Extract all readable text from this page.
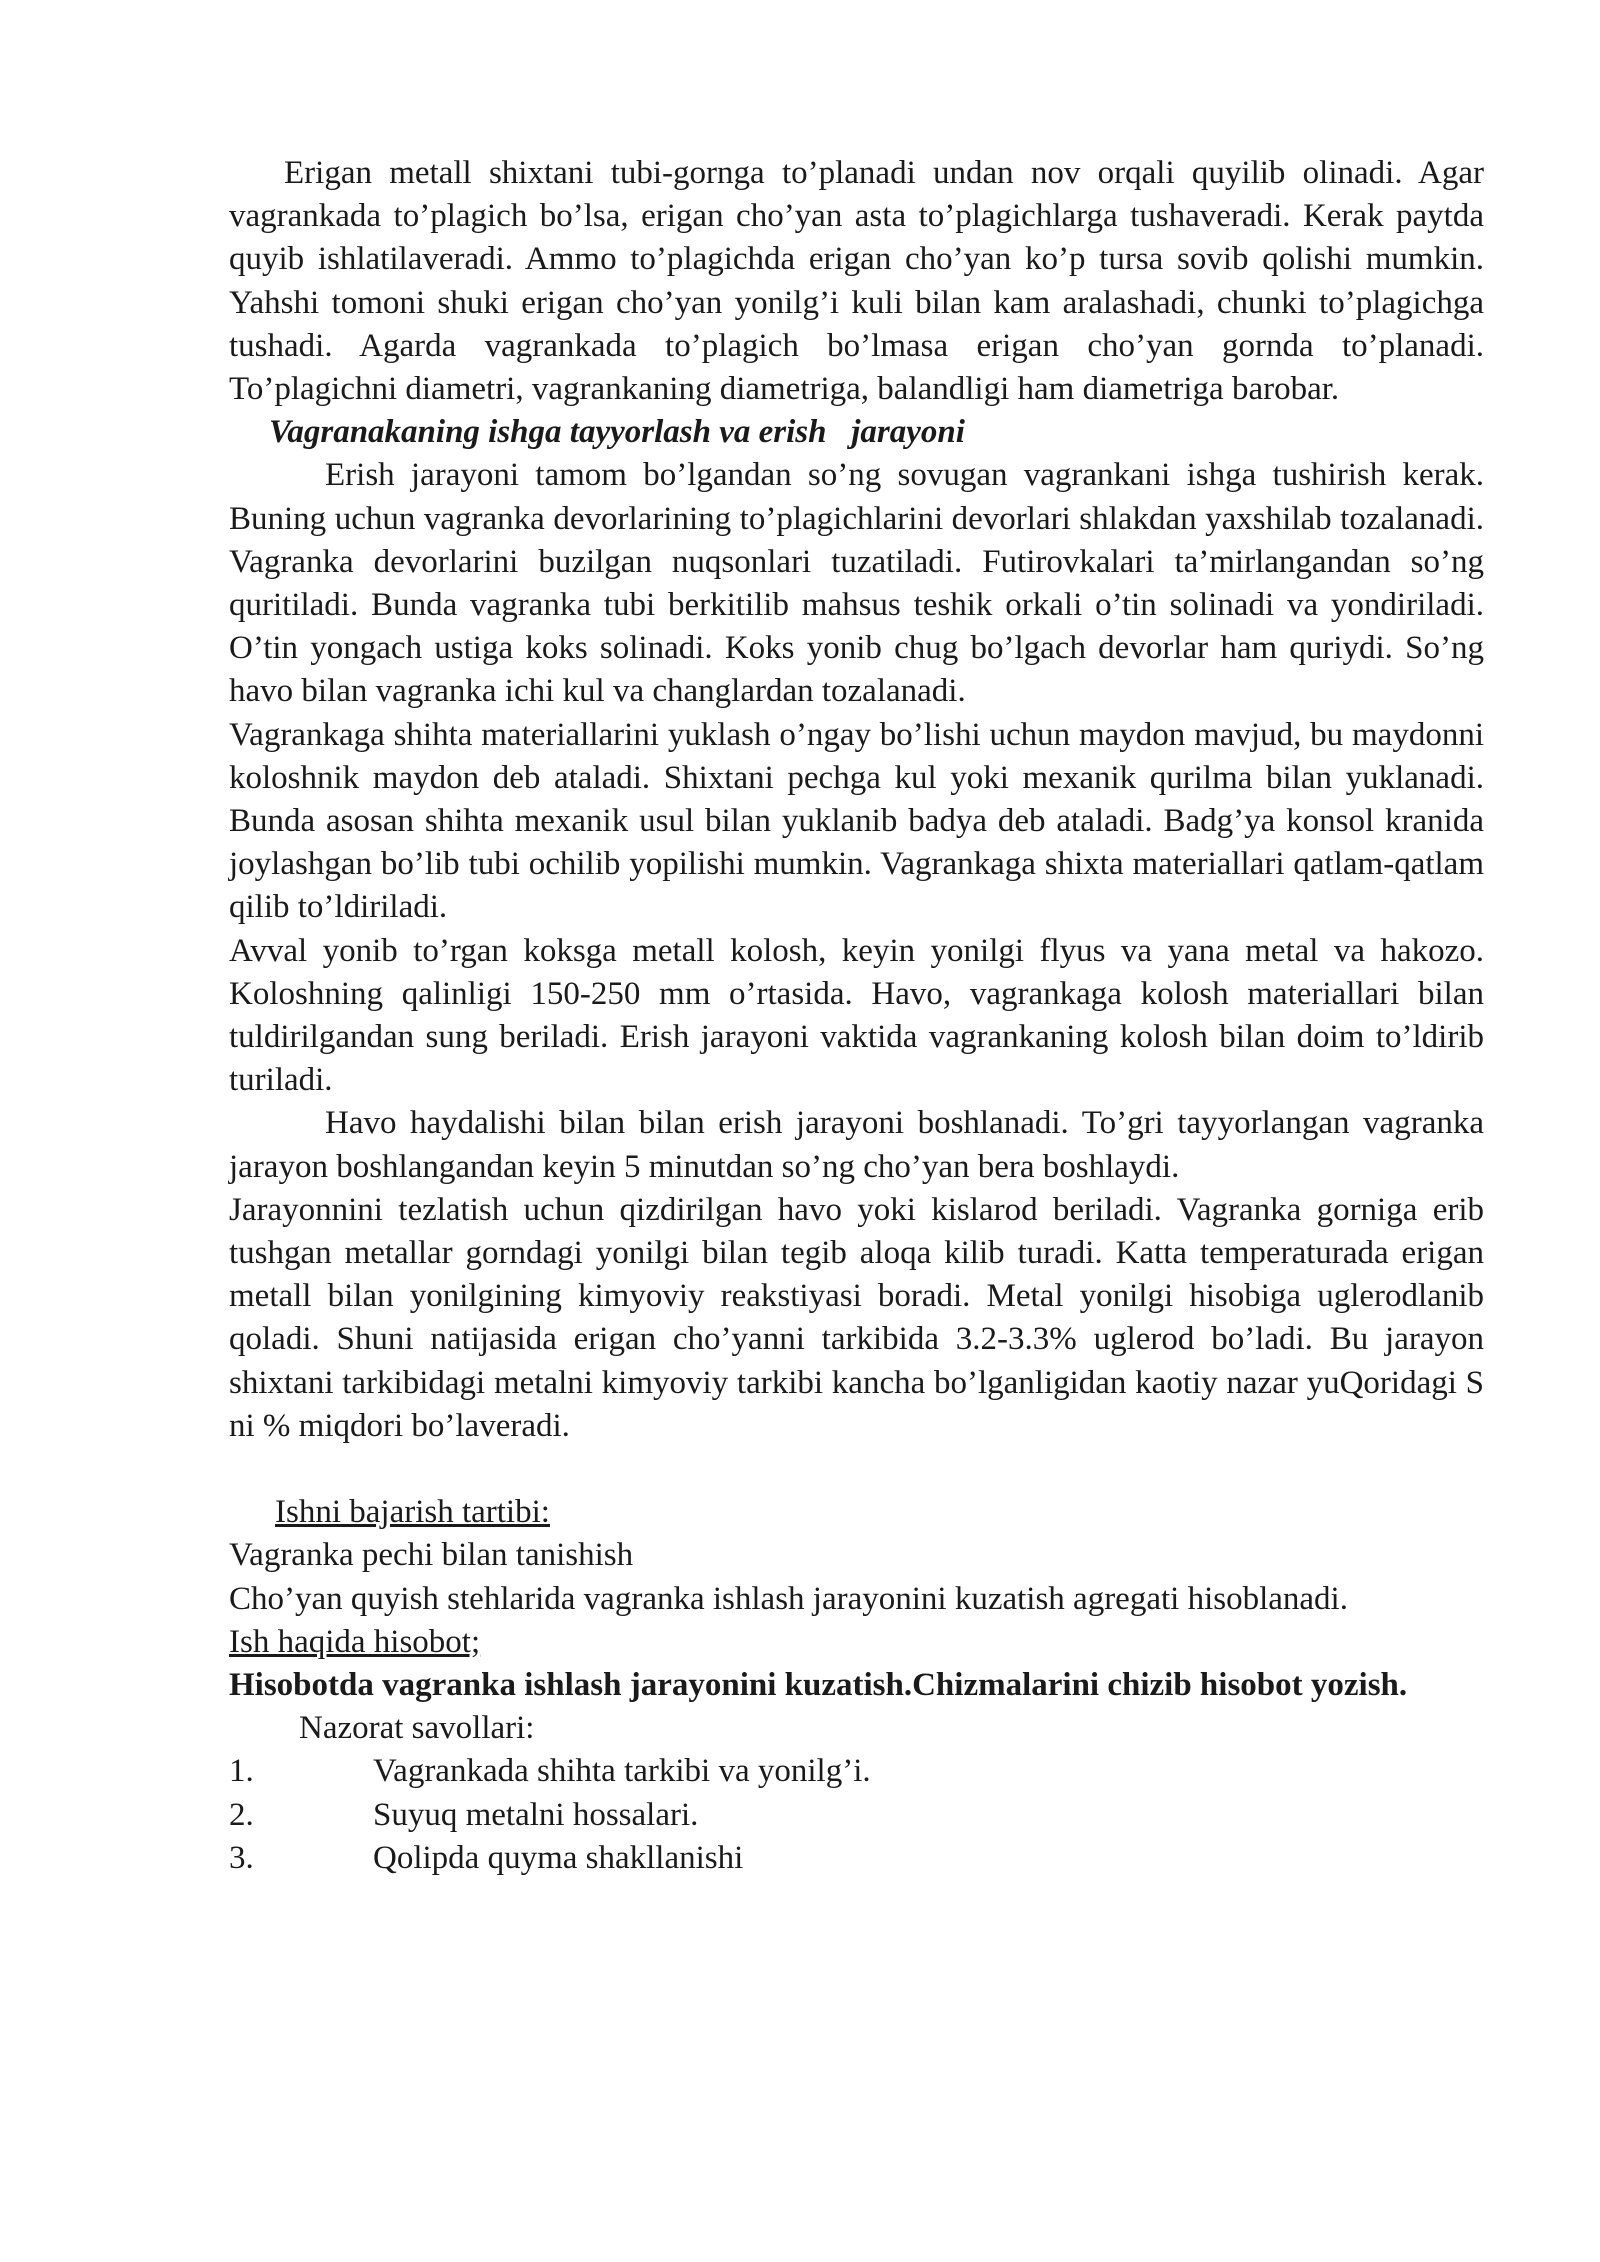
Erigan metall shixtani tubi-gornga to’planadi undan nov orqali quyilib olinadi. Agar vagrankada to’plagich bo’lsa, erigan cho’yan asta to’plagichlarga tushaveradi. Kerak paytda quyib ishlatilaveradi. Ammo to’plagichda erigan cho’yan ko’p tursa sovib qolishi mumkin. Yahshi tomoni shuki erigan cho’yan yonilg’i kuli bilan kam aralashadi, chunki to’plagichga tushadi. Agarda vagrankada to’plagich bo’lmasa erigan cho’yan gornda to’planadi. To’plagichni diametri, vagrankaning diametriga, balandligi ham diametriga barobar.

Vagranakaning ishga tayyorlash va erish   jarayoni

Erish jarayoni tamom bo’lgandan so’ng sovugan vagrankani ishga tushirish kerak. Buning uchun vagranka devorlarining to’plagichlarini devorlari shlakdan yaxshilab tozalanadi. Vagranka devorlarini buzilgan nuqsonlari tuzatiladi. Futirovkalari ta’mirlangandan so’ng quritiladi. Bunda vagranka tubi berkitilib mahsus teshik orkali o’tin solinadi va yondiriladi. O’tin yongach ustiga koks solinadi. Koks yonib chug bo’lgach devorlar ham quriydi. So’ng havo bilan vagranka ichi kul va changlardan tozalanadi.

Vagrankaga shihta materiallarini yuklash o’ngay bo’lishi uchun maydon mavjud, bu maydonni koloshnik maydon deb ataladi. Shixtani pechga kul yoki mexanik qurilma bilan yuklanadi. Bunda asosan shihta mexanik usul bilan yuklanib badya deb ataladi. Badg’ya konsol kranida joylashgan bo’lib tubi ochilib yopilishi mumkin. Vagrankaga shixta materiallari qatlam-qatlam qilib to’ldiriladi.

Avval yonib to’rgan koksga metall kolosh, keyin yonilgi flyus va yana metal va hakozo. Koloshning qalinligi 150-250 mm o’rtasida. Havo, vagrankaga kolosh materiallari bilan tuldirilgandan sung beriladi. Erish jarayoni vaktida vagrankaning kolosh bilan doim to’ldirib turiladi.

Havo haydalishi bilan bilan erish jarayoni boshlanadi. To’gri tayyorlangan vagranka jarayon boshlangandan keyin 5 minutdan so’ng cho’yan bera boshlaydi.

Jarayonnini tezlatish uchun qizdirilgan havo yoki kislarod beriladi. Vagranka gorniga erib tushgan metallar gorndagi yonilgi bilan tegib aloqa kilib turadi. Katta temperaturada erigan metall bilan yonilgining kimyoviy reakstiyasi boradi. Metal yonilgi hisobiga uglerodlanib qoladi. Shuni natijasida erigan cho’yanni tarkibida 3.2-3.3% uglerod bo’ladi. Bu jarayon shixtani tarkibidagi metalni kimyoviy tarkibi kancha bo’lganligidan kaotiy nazar yuQoridagi S ni % miqdori bo’laveradi.

Ishni bajarish tartibi:

Vagranka pechi bilan tanishish

Cho’yan quyish stehlarida vagranka ishlash jarayonini kuzatish agregati hisoblanadi.

Ish haqida hisobot;

Hisobotda vagranka ishlash jarayonini kuzatish.Chizmalarini chizib hisobot yozish.

Nazorat savollari:
1.	Vagrankada shihta tarkibi va yonilg’i.
2.	Suyuq metalni hossalari.
3.	Qolipda quyma shakllanishi
